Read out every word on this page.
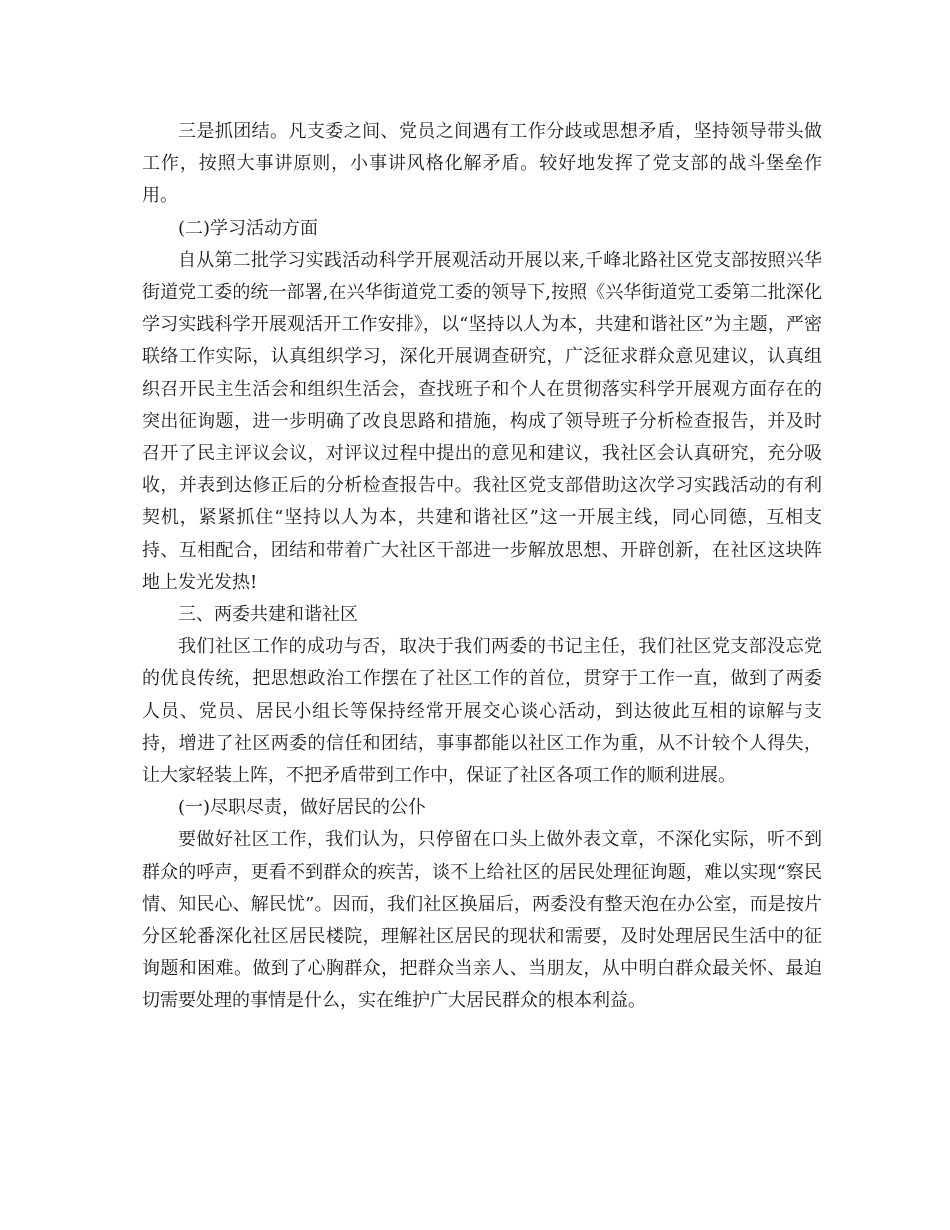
三是抓团结。凡支委之间、党员之间遇有工作分歧或思想矛盾，坚持领导带头做工作，按照大事讲原则，小事讲风格化解矛盾。较好地发挥了党支部的战斗堡垒作用。

(二)学习活动方面

自从第二批学习实践活动科学开展观活动开展以来,千峰北路社区党支部按照兴华街道党工委的统一部署,在兴华街道党工委的领导下,按照《兴华街道党工委第二批深化学习实践科学开展观活开工作安排》，以“坚持以人为本，共建和谐社区”为主题，严密联络工作实际，认真组织学习，深化开展调查研究，广泛征求群众意见建议，认真组织召开民主生活会和组织生活会，查找班子和个人在贯彻落实科学开展观方面存在的突出征询题，进一步明确了改良思路和措施，构成了领导班子分析检查报告，并及时召开了民主评议会议，对评议过程中提出的意见和建议，我社区会认真研究，充分吸收，并表到达修正后的分析检查报告中。我社区党支部借助这次学习实践活动的有利契机，紧紧抓住“坚持以人为本，共建和谐社区”这一开展主线，同心同德，互相支持、互相配合，团结和带着广大社区干部进一步解放思想、开辟创新，在社区这块阵地上发光发热!

三、两委共建和谐社区

我们社区工作的成功与否，取决于我们两委的书记主任，我们社区党支部没忘党的优良传统，把思想政治工作摆在了社区工作的首位，贯穿于工作一直，做到了两委人员、党员、居民小组长等保持经常开展交心谈心活动，到达彼此互相的谅解与支持，增进了社区两委的信任和团结，事事都能以社区工作为重，从不计较个人得失，让大家轻装上阵，不把矛盾带到工作中，保证了社区各项工作的顺利进展。

(一)尽职尽责，做好居民的公仆

要做好社区工作，我们认为，只停留在口头上做外表文章，不深化实际，听不到群众的呼声，更看不到群众的疾苦，谈不上给社区的居民处理征询题，难以实现“察民情、知民心、解民忧”。因而，我们社区换届后，两委没有整天泡在办公室，而是按片分区轮番深化社区居民楼院，理解社区居民的现状和需要，及时处理居民生活中的征询题和困难。做到了心胸群众，把群众当亲人、当朋友，从中明白群众最关怀、最迫切需要处理的事情是什么，实在维护广大居民群众的根本利益。
